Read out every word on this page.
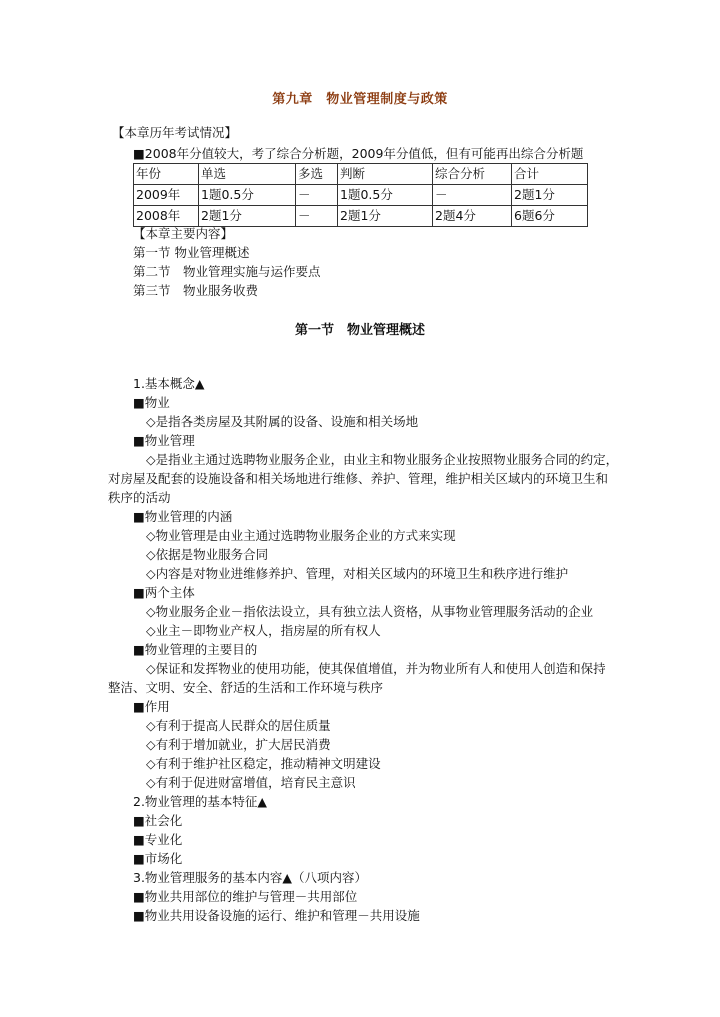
第九章　物业管理制度与政策
【本章历年考试情况】
■2008年分值较大，考了综合分析题，2009年分值低，但有可能再出综合分析题
年份	单选	多选	判断	综合分析	合计
2009年	1题0.5分	－	1题0.5分	－	2题1分
2008年	2题1分	－	2题1分	2题4分	6题6分
【本章主要内容】
第一节 物业管理概述
第二节　物业管理实施与运作要点
第三节　物业服务收费
第一节　物业管理概述
1.基本概念▲
■物业
◇是指各类房屋及其附属的设备、设施和相关场地
■物业管理
◇是指业主通过选聘物业服务企业，由业主和物业服务企业按照物业服务合同的约定，
对房屋及配套的设施设备和相关场地进行维修、养护、管理，维护相关区域内的环境卫生和
秩序的活动
■物业管理的内涵
◇物业管理是由业主通过选聘物业服务企业的方式来实现
◇依据是物业服务合同
◇内容是对物业进维修养护、管理，对相关区域内的环境卫生和秩序进行维护
■两个主体
◇物业服务企业－指依法设立，具有独立法人资格，从事物业管理服务活动的企业
◇业主－即物业产权人，指房屋的所有权人
■物业管理的主要目的
◇保证和发挥物业的使用功能，使其保值增值，并为物业所有人和使用人创造和保持
整洁、文明、安全、舒适的生活和工作环境与秩序
■作用
◇有利于提高人民群众的居住质量
◇有利于增加就业，扩大居民消费
◇有利于维护社区稳定，推动精神文明建设
◇有利于促进财富增值，培育民主意识
2.物业管理的基本特征▲
■社会化
■专业化
■市场化
3.物业管理服务的基本内容▲（八项内容）
■物业共用部位的维护与管理－共用部位
■物业共用设备设施的运行、维护和管理－共用设施
